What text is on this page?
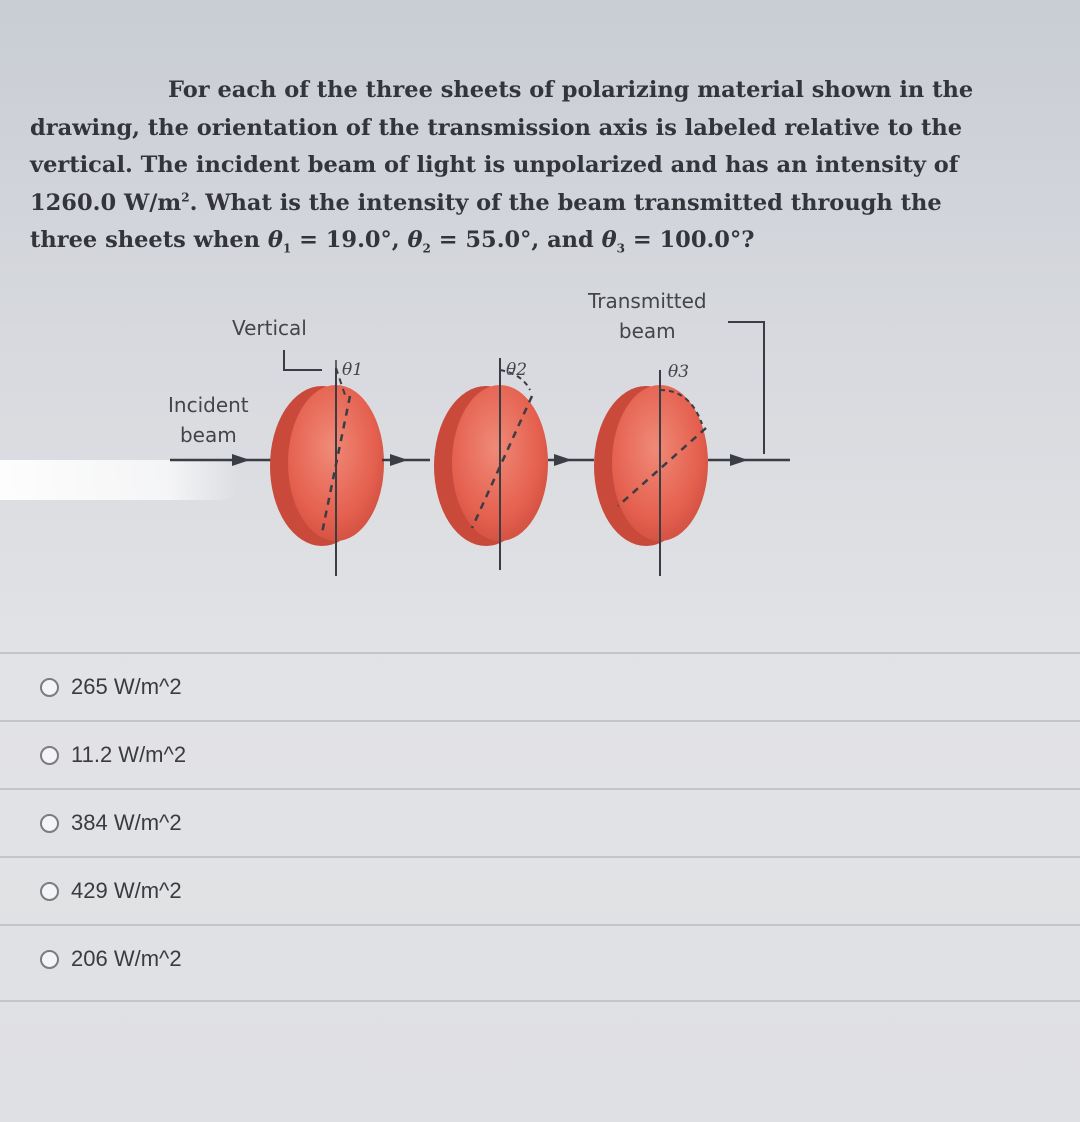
For each of the three sheets of polarizing material shown in the
drawing, the orientation of the transmission axis is labeled relative to the
vertical. The incident beam of light is unpolarized and has an intensity of
1260.0 $W/m^2$. What is the intensity of the beam transmitted through the
three sheets when $\theta_1 = 19.0^\circ$, $\theta_2 = 55.0^\circ$, and $\theta_3 = 100.0^\circ$?
Vertical
Incident
beam
Transmitted
beam
θ1	θ2	θ3
265 W/m^2
11.2 W/m^2
384 W/m^2
429 W/m^2
206 W/m^2
